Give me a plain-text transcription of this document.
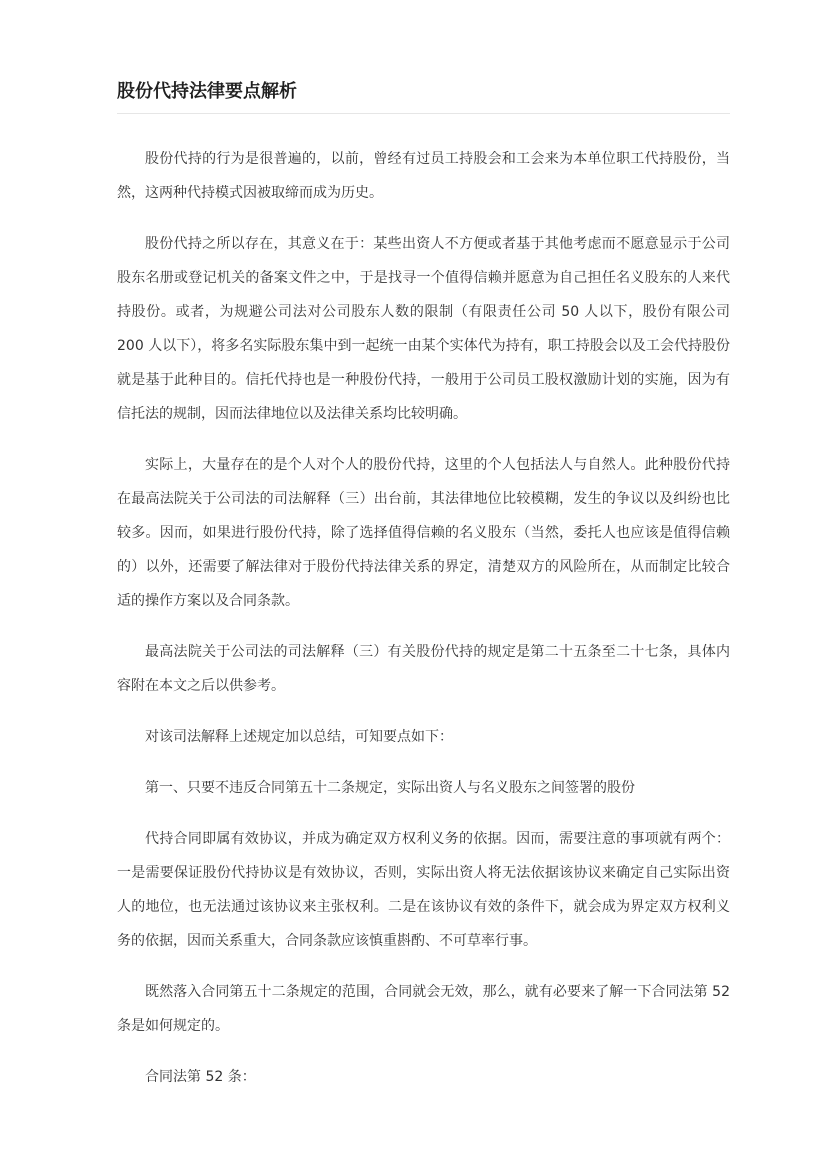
股份代持法律要点解析

股份代持的行为是很普遍的，以前，曾经有过员工持股会和工会来为本单位职工代持股份，当然，这两种代持模式因被取缔而成为历史。

股份代持之所以存在，其意义在于：某些出资人不方便或者基于其他考虑而不愿意显示于公司股东名册或登记机关的备案文件之中，于是找寻一个值得信赖并愿意为自己担任名义股东的人来代持股份。或者，为规避公司法对公司股东人数的限制（有限责任公司 50 人以下，股份有限公司 200 人以下），将多名实际股东集中到一起统一由某个实体代为持有，职工持股会以及工会代持股份就是基于此种目的。信托代持也是一种股份代持，一般用于公司员工股权激励计划的实施，因为有信托法的规制，因而法律地位以及法律关系均比较明确。

实际上，大量存在的是个人对个人的股份代持，这里的个人包括法人与自然人。此种股份代持在最高法院关于公司法的司法解释（三）出台前，其法律地位比较模糊，发生的争议以及纠纷也比较多。因而，如果进行股份代持，除了选择值得信赖的名义股东（当然，委托人也应该是值得信赖的）以外，还需要了解法律对于股份代持法律关系的界定，清楚双方的风险所在，从而制定比较合适的操作方案以及合同条款。

最高法院关于公司法的司法解释（三）有关股份代持的规定是第二十五条至二十七条，具体内容附在本文之后以供参考。

对该司法解释上述规定加以总结，可知要点如下：

第一、只要不违反合同第五十二条规定，实际出资人与名义股东之间签署的股份

代持合同即属有效协议，并成为确定双方权利义务的依据。因而，需要注意的事项就有两个：一是需要保证股份代持协议是有效协议，否则，实际出资人将无法依据该协议来确定自己实际出资人的地位，也无法通过该协议来主张权利。二是在该协议有效的条件下，就会成为界定双方权利义务的依据，因而关系重大，合同条款应该慎重斟酌、不可草率行事。

既然落入合同第五十二条规定的范围，合同就会无效，那么，就有必要来了解一下合同法第 52 条是如何规定的。

合同法第 52 条：
